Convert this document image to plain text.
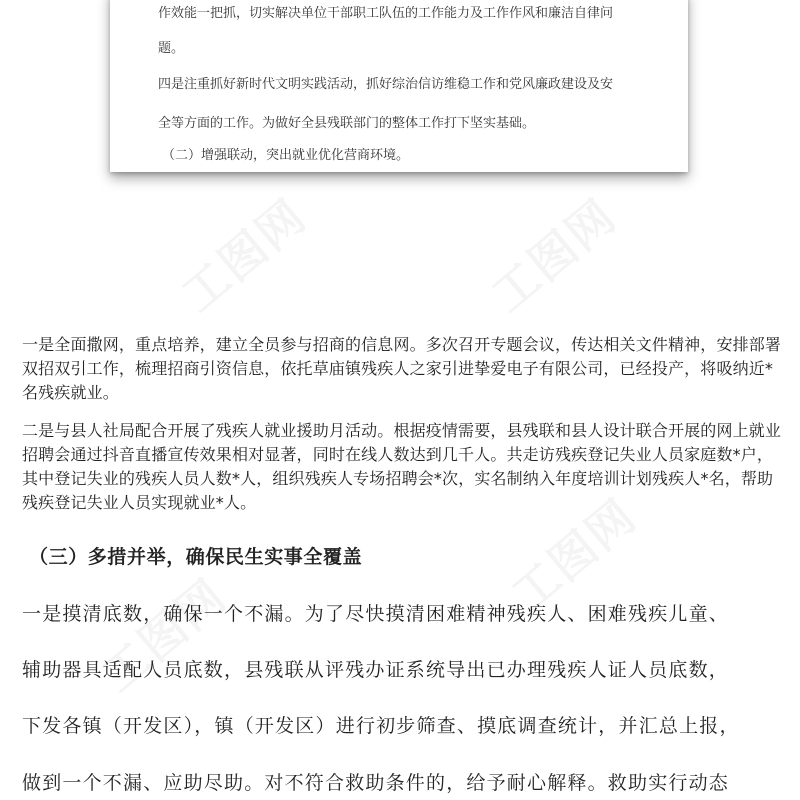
作效能一把抓，切实解决单位干部职工队伍的工作能力及工作作风和廉洁自律问

题。

四是注重抓好新时代文明实践活动，抓好综治信访维稳工作和党风廉政建设及安

全等方面的工作。为做好全县残联部门的整体工作打下坚实基础。

（二）增强联动，突出就业优化营商环境。

一是全面撒网，重点培养，建立全员参与招商的信息网。多次召开专题会议，传达相关文件精神，安排部署双招双引工作，梳理招商引资信息，依托草庙镇残疾人之家引进挚爱电子有限公司，已经投产，将吸纳近*名残疾就业。

二是与县人社局配合开展了残疾人就业援助月活动。根据疫情需要，县残联和县人设计联合开展的网上就业招聘会通过抖音直播宣传效果相对显著，同时在线人数达到几千人。共走访残疾登记失业人员家庭数*户，其中登记失业的残疾人员人数*人，组织残疾人专场招聘会*次，实名制纳入年度培训计划残疾人*名，帮助残疾登记失业人员实现就业*人。

（三）多措并举，确保民生实事全覆盖

一是摸清底数，确保一个不漏。为了尽快摸清困难精神残疾人、困难残疾儿童、

辅助器具适配人员底数，县残联从评残办证系统导出已办理残疾人证人员底数，

下发各镇（开发区），镇（开发区）进行初步筛查、摸底调查统计，并汇总上报，

做到一个不漏、应助尽助。对不符合救助条件的，给予耐心解释。救助实行动态
